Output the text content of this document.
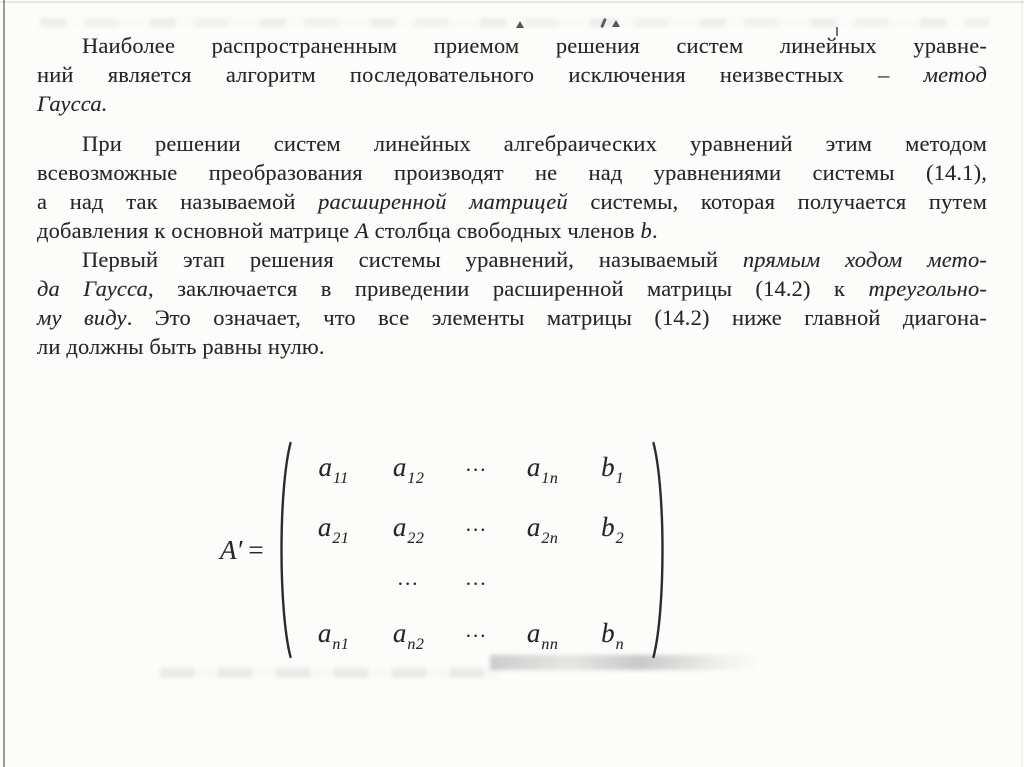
Наиболее распространенным приемом решения систем линейных уравне-
ний является алгоритм последовательного исключения неизвестных – метод
Гаусса.
При решении систем линейных алгебраических уравнений этим методом
всевозможные преобразования производят не над уравнениями системы (14.1),
а над так называемой расширенной матрицей системы, которая получается путем
добавления к основной матрице A столбца свободных членов b.
Первый этап решения системы уравнений, называемый прямым ходом мето-
да Гаусса, заключается в приведении расширенной матрицы (14.2) к треугольно-
му виду. Это означает, что все элементы матрицы (14.2) ниже главной диагона-
ли должны быть равны нулю.
A′ =
a11 a12
... a1n b1
a21 a22
... a2n b2
... ...
an1 an2
... ann bn
